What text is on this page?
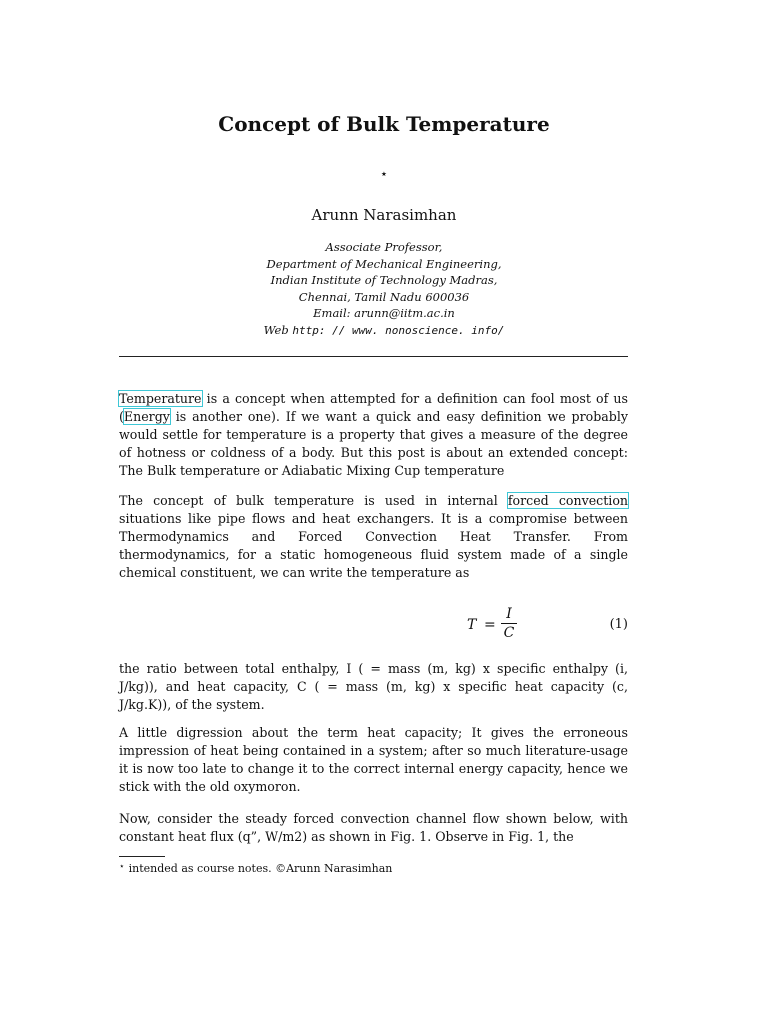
Concept of Bulk Temperature
⋆
Arunn Narasimhan
Associate Professor,
Department of Mechanical Engineering,
Indian Institute of Technology Madras,
Chennai, Tamil Nadu 600036
Email: arunn@iitm.ac.in
Web http: // www. nonoscience. info/

Temperature is a concept when attempted for a definition can fool most of us (Energy is another one). If we want a quick and easy definition we probably would settle for temperature is a property that gives a measure of the degree of hotness or coldness of a body. But this post is about an extended concept: The Bulk temperature or Adiabatic Mixing Cup temperature

The concept of bulk temperature is used in internal forced convection situations like pipe flows and heat exchangers. It is a compromise between Thermodynamics and Forced Convection Heat Transfer. From thermodynamics, for a static homogeneous fluid system made of a single chemical constituent, we can write the temperature as

T =
I
C
(1)

the ratio between total enthalpy, I ( = mass (m, kg) x specific enthalpy (i, J/kg)), and heat capacity, C ( = mass (m, kg) x specific heat capacity (c, J/kg.K)), of the system.

A little digression about the term heat capacity; It gives the erroneous impression of heat being contained in a system; after so much literature-usage it is now too late to change it to the correct internal energy capacity, hence we stick with the old oxymoron.

Now, consider the steady forced convection channel flow shown below, with constant heat flux (q”, W/m2) as shown in Fig. 1. Observe in Fig. 1, the

⋆ intended as course notes. ©Arunn Narasimhan
